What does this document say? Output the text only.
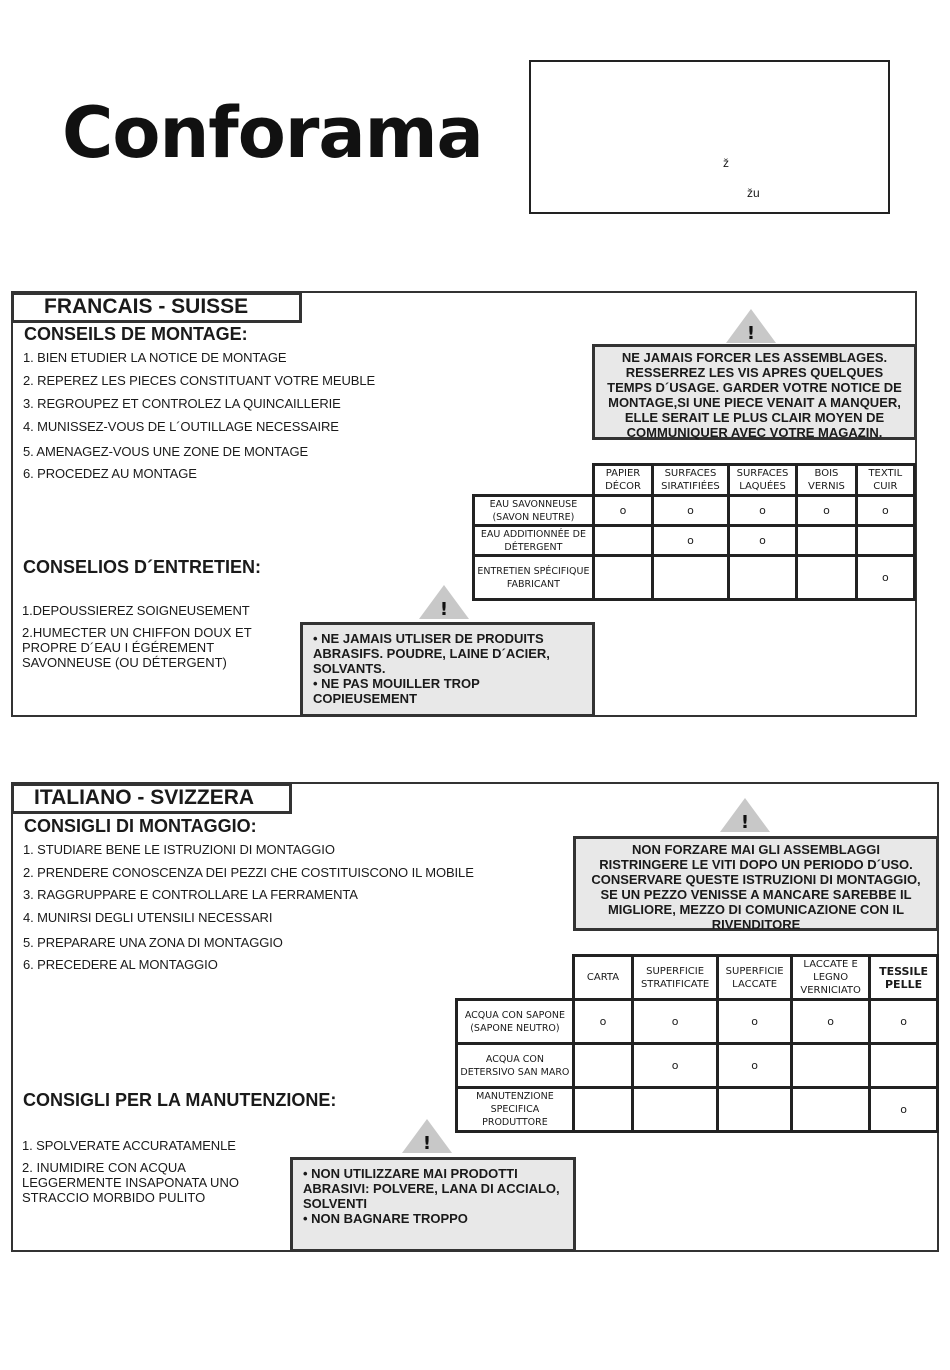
Conforama	ž
žu
FRANCAIS - SUISSE
CONSEILS DE MONTAGE:
1. BIEN ETUDIER LA NOTICE DE MONTAGE
2. REPEREZ LES PIECES CONSTITUANT VOTRE MEUBLE
3. REGROUPEZ ET CONTROLEZ LA QUINCAILLERIE
4. MUNISSEZ-VOUS DE L´OUTILLAGE NECESSAIRE
5. AMENAGEZ-VOUS UNE ZONE DE MONTAGE
6. PROCEDEZ AU MONTAGE
!
NE JAMAIS FORCER LES ASSEMBLAGES. RESSERREZ LES VIS APRES QUELQUES TEMPS D´USAGE. GARDER VOTRE NOTICE DE MONTAGE,SI UNE PIECE VENAIT A MANQUER, ELLE SERAIT LE PLUS CLAIR MOYEN DE COMMUNIQUER AVEC VOTRE MAGAZIN.
	PAPIER DÉCOR	SURFACES SIRATIFIÉES	SURFACES LAQUÉES	BOIS VERNIS	TEXTIL CUIR
EAU SAVONNEUSE (SAVON NEUTRE)	o	o	o	o	o
EAU ADDITIONNÉE DE DÉTERGENT		o	o		
ENTRETIEN SPÉCIFIQUE FABRICANT					o
CONSELIOS D´ENTRETIEN:
1.DEPOUSSIEREZ SOIGNEUSEMENT
2.HUMECTER UN CHIFFON DOUX ET PROPRE D´EAU I ÉGÉREMENT SAVONNEUSE (OU DÉTERGENT)
!
• NE JAMAIS UTLISER DE PRODUITS ABRASIFS. POUDRE, LAINE D´ACIER, SOLVANTS.
• NE PAS MOUILLER TROP COPIEUSEMENT
ITALIANO - SVIZZERA
CONSIGLI DI MONTAGGIO:
1. STUDIARE BENE LE ISTRUZIONI DI MONTAGGIO
2. PRENDERE CONOSCENZA DEI PEZZI CHE COSTITUISCONO IL MOBILE
3. RAGGRUPPARE E CONTROLLARE LA FERRAMENTA
4. MUNIRSI DEGLI UTENSILI NECESSARI
5. PREPARARE UNA ZONA DI MONTAGGIO
6. PRECEDERE AL MONTAGGIO
!
NON FORZARE MAI GLI ASSEMBLAGGI RISTRINGERE LE VITI DOPO UN PERIODO D´USO. CONSERVARE QUESTE ISTRUZIONI DI MONTAGGIO, SE UN PEZZO VENISSE A MANCARE SAREBBE IL MIGLIORE, MEZZO DI COMUNICAZIONE CON IL RIVENDITORE
	CARTA	SUPERFICIE STRATIFICATE	SUPERFICIE LACCATE	LACCATE E LEGNO VERNICIATO	TESSILE PELLE
ACQUA CON SAPONE (SAPONE NEUTRO)	o	o	o	o	o
ACQUA CON DETERSIVO SAN MARO		o	o		
MANUTENZIONE SPECIFICA PRODUTTORE					o
CONSIGLI PER LA MANUTENZIONE:
1. SPOLVERATE ACCURATAMENLE
2. INUMIDIRE CON ACQUA LEGGERMENTE INSAPONATA UNO STRACCIO MORBIDO PULITO
!
• NON UTILIZZARE MAI PRODOTTI ABRASIVI: POLVERE, LANA DI ACCIALO, SOLVENTI
• NON BAGNARE TROPPO
